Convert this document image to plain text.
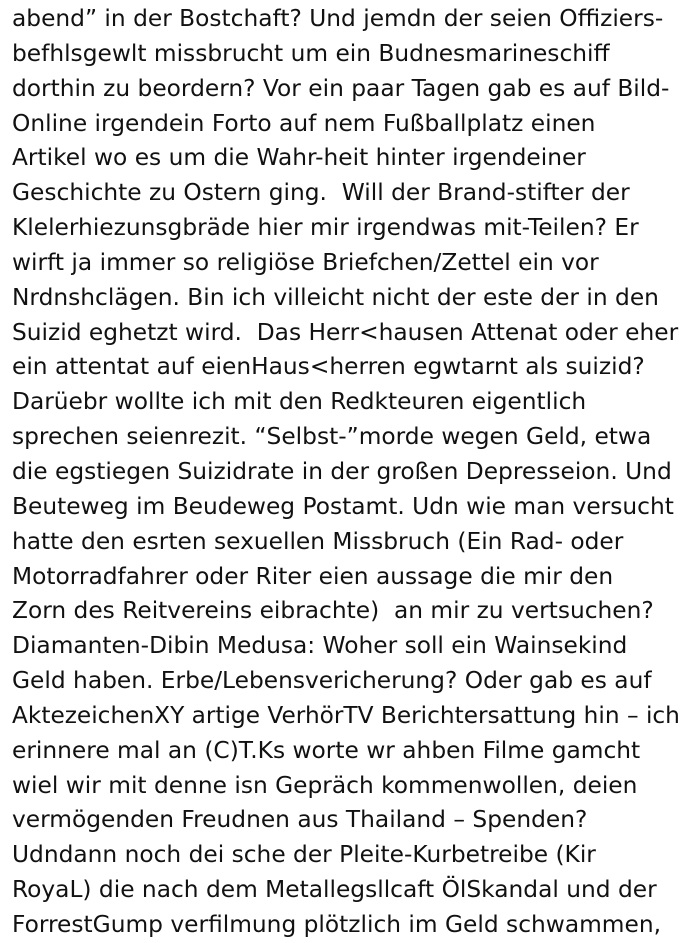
abend” in der Bostchaft? Und jemdn der seien Offiziers-
befhlsgewlt missbrucht um ein Budnesmarineschiff
dorthin zu beordern? Vor ein paar Tagen gab es auf Bild-
Online irgendein Forto auf nem Fußballplatz einen
Artikel wo es um die Wahr-heit hinter irgendeiner
Geschichte zu Ostern ging.  Will der Brand-stifter der
Klelerhiezunsgbräde hier mir irgendwas mit-Teilen? Er
wirft ja immer so religiöse Briefchen/Zettel ein vor
Nrdnshclägen. Bin ich villeicht nicht der este der in den
Suizid eghetzt wird.  Das Herr<hausen Attenat oder eher
ein attentat auf eienHaus<herren egwtarnt als suizid?
Darüebr wollte ich mit den Redkteuren eigentlich
sprechen seienrezit. “Selbst-”morde wegen Geld, etwa
die egstiegen Suizidrate in der großen Depresseion. Und
Beuteweg im Beudeweg Postamt. Udn wie man versucht
hatte den esrten sexuellen Missbruch (Ein Rad- oder
Motorradfahrer oder Riter eien aussage die mir den
Zorn des Reitvereins eibrachte)  an mir zu vertsuchen?
Diamanten-Dibin Medusa: Woher soll ein Wainsekind
Geld haben. Erbe/Lebensvericherung? Oder gab es auf
AktezeichenXY artige VerhörTV Berichtersattung hin – ich
erinnere mal an (C)T.Ks worte wr ahben Filme gamcht
wiel wir mit denne isn Gepräch kommenwollen, deien
vermögenden Freudnen aus Thailand – Spenden?
Udndann noch dei sche der Pleite-Kurbetreibe (Kir
RoyaL) die nach dem Metallegsllcaft ÖlSkandal und der
ForrestGump verfilmung plötzlich im Geld schwammen,
